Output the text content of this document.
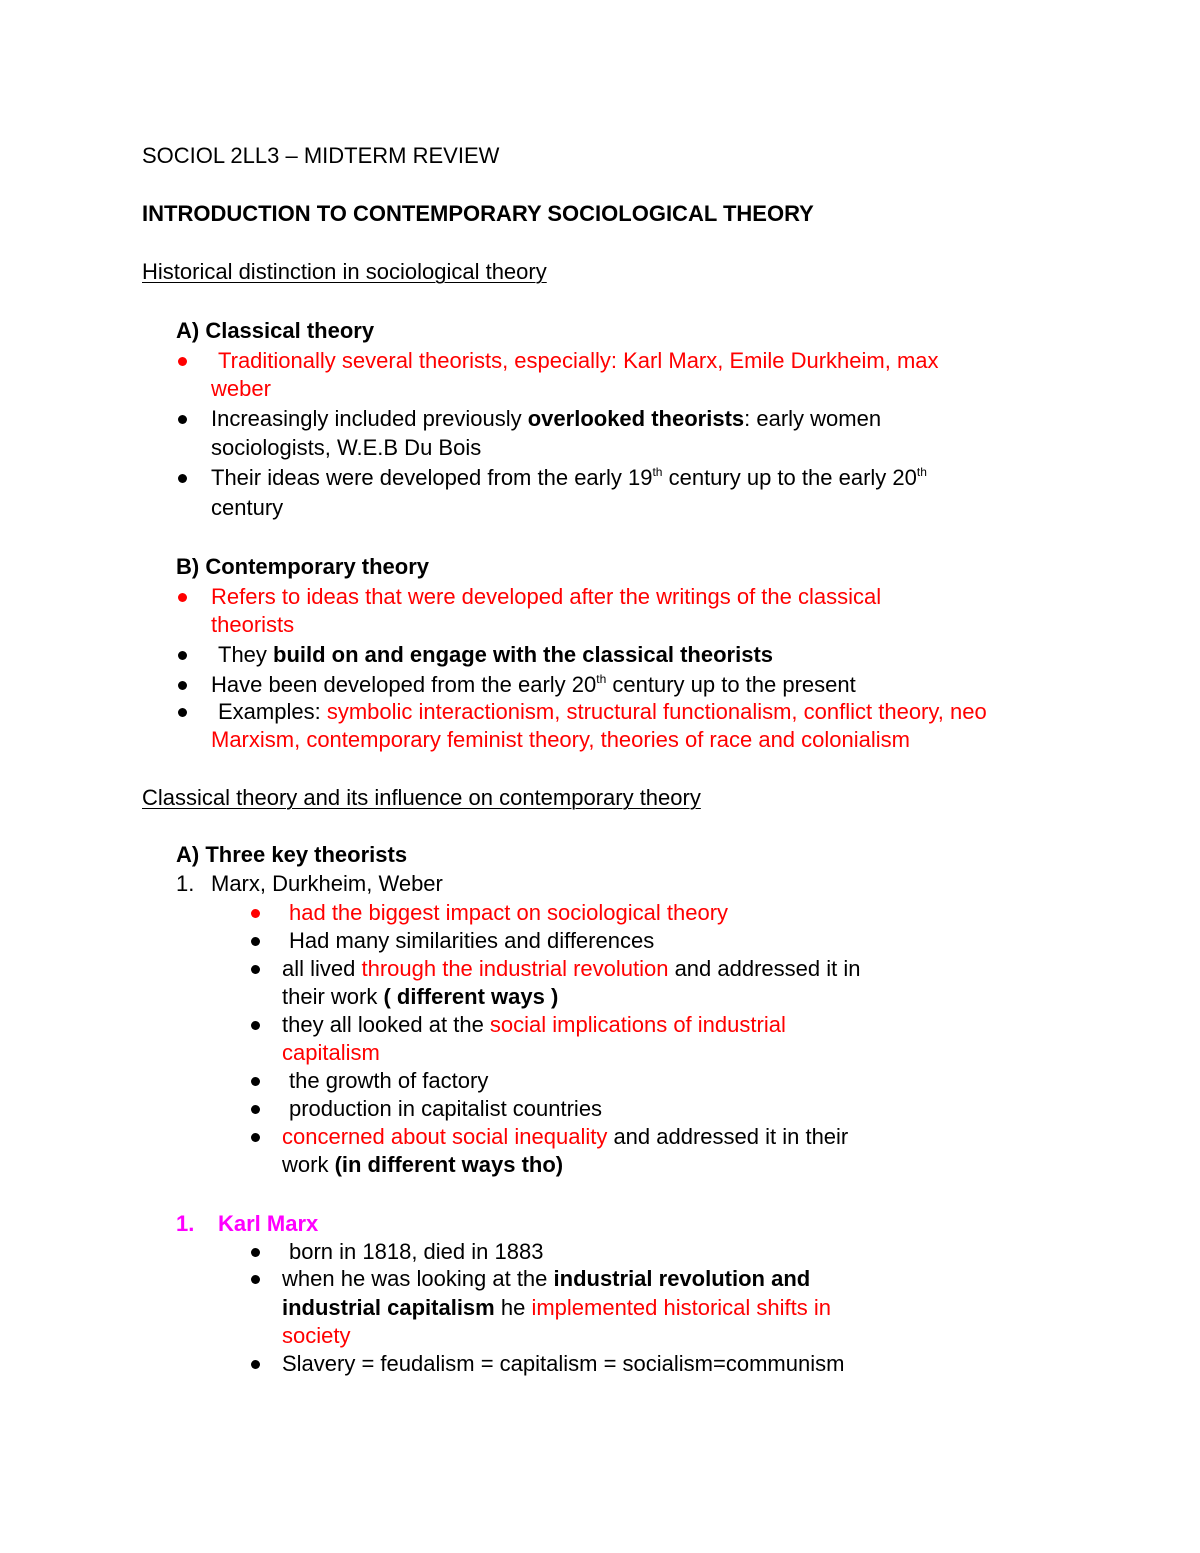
SOCIOL 2LL3 – MIDTERM REVIEW
INTRODUCTION TO CONTEMPORARY SOCIOLOGICAL THEORY
Historical distinction in sociological theory
A) Classical theory
Traditionally several theorists, especially: Karl Marx, Emile Durkheim, max
weber
Increasingly included previously overlooked theorists: early women
sociologists, W.E.B Du Bois
Their ideas were developed from the early 19th century up to the early 20th
century
B) Contemporary theory
Refers to ideas that were developed after the writings of the classical
theorists
They build on and engage with the classical theorists
Have been developed from the early 20th century up to the present
Examples: symbolic interactionism, structural functionalism, conflict theory, neo
Marxism, contemporary feminist theory, theories of race and colonialism
Classical theory and its influence on contemporary theory
A) Three key theorists
1. Marx, Durkheim, Weber
had the biggest impact on sociological theory
Had many similarities and differences
all lived through the industrial revolution and addressed it in
their work ( different ways )
they all looked at the social implications of industrial
capitalism
the growth of factory
production in capitalist countries
concerned about social inequality and addressed it in their
work (in different ways tho)
1. Karl Marx
born in 1818, died in 1883
when he was looking at the industrial revolution and
industrial capitalism he implemented historical shifts in
society
Slavery = feudalism = capitalism = socialism=communism
